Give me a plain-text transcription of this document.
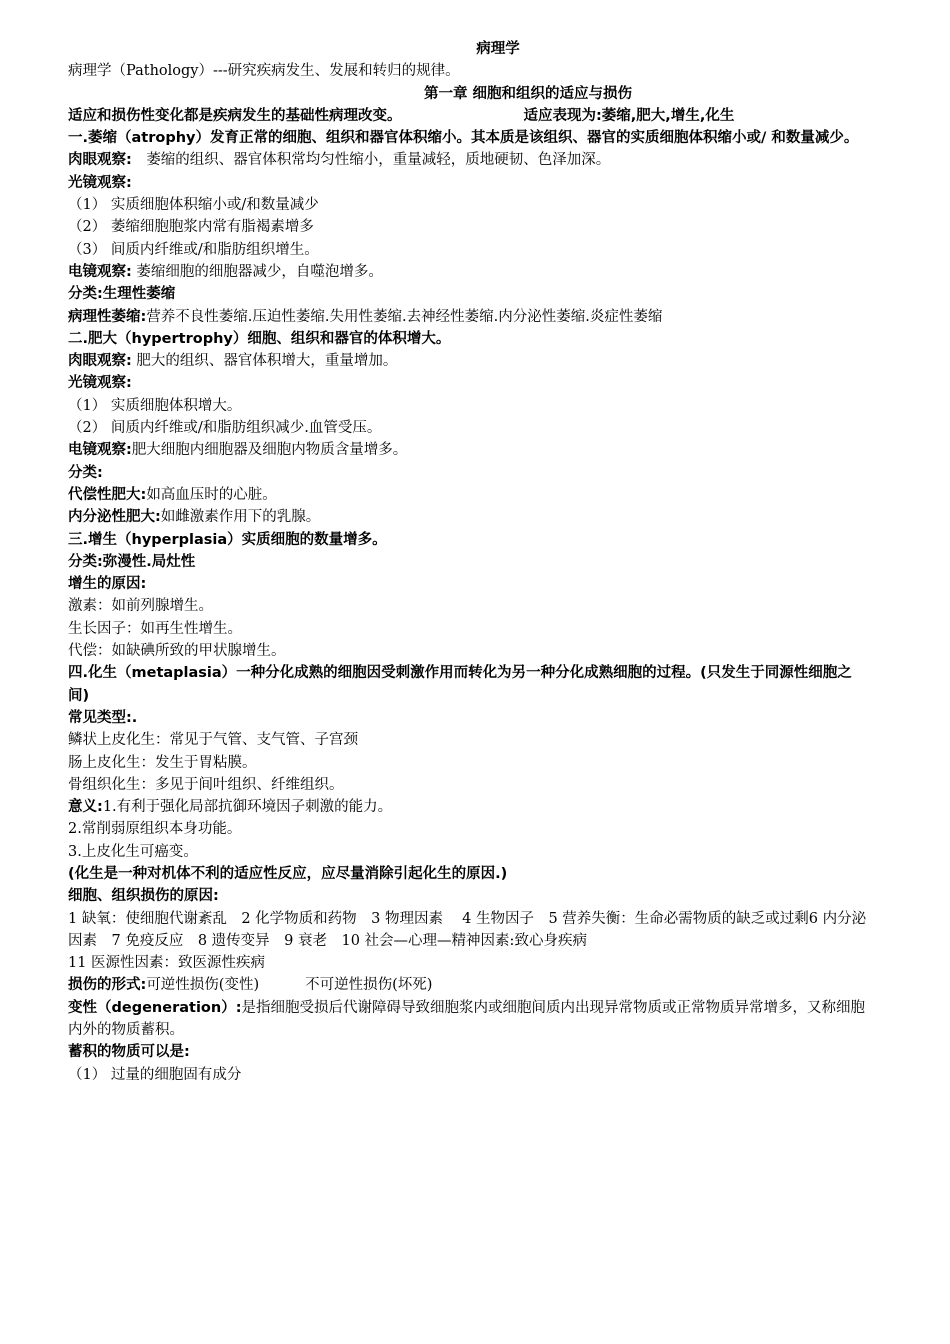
病理学
病理学（Pathology）---研究疾病发生、发展和转归的规律。
第一章 细胞和组织的适应与损伤
适应和损伤性变化都是疾病发生的基础性病理改变。	适应表现为:萎缩,肥大,增生,化生
一.萎缩（atrophy）发育正常的细胞、组织和器官体积缩小。其本质是该组织、器官的实质细胞体积缩小或/ 和数量减少。
肉眼观察:　 萎缩的组织、器官体积常均匀性缩小，重量减轻，质地硬韧、色泽加深。
光镜观察:
（1） 实质细胞体积缩小或/和数量减少
（2） 萎缩细胞胞浆内常有脂褐素增多
（3） 间质内纤维或/和脂肪组织增生。
电镜观察: 萎缩细胞的细胞器减少，自噬泡增多。
分类:生理性萎缩
病理性萎缩:营养不良性萎缩.压迫性萎缩.失用性萎缩.去神经性萎缩.内分泌性萎缩.炎症性萎缩
二.肥大（hypertrophy）细胞、组织和器官的体积增大。
肉眼观察: 肥大的组织、器官体积增大，重量增加。
光镜观察:
（1） 实质细胞体积增大。
（2） 间质内纤维或/和脂肪组织减少.血管受压。
电镜观察:肥大细胞内细胞器及细胞内物质含量增多。
分类:
代偿性肥大:如高血压时的心脏。
内分泌性肥大:如雌激素作用下的乳腺。
三.增生（hyperplasia）实质细胞的数量增多。
分类:弥漫性.局灶性
增生的原因:
激素：如前列腺增生。
生长因子：如再生性增生。
代偿：如缺碘所致的甲状腺增生。
四.化生（metaplasia）一种分化成熟的细胞因受刺激作用而转化为另一种分化成熟细胞的过程。(只发生于同源性细胞之间)
常见类型:.
鳞状上皮化生：常见于气管、支气管、子宫颈
肠上皮化生：发生于胃粘膜。
骨组织化生：多见于间叶组织、纤维组织。
意义:1.有利于强化局部抗御环境因子刺激的能力。
2.常削弱原组织本身功能。
3.上皮化生可癌变。
(化生是一种对机体不利的适应性反应，应尽量消除引起化生的原因.)
细胞、组织损伤的原因:
1 缺氧：使细胞代谢紊乱　2 化学物质和药物　3 物理因素　 4 生物因子　5 营养失衡：生命必需物质的缺乏或过剩6 内分泌因素　7 免疫反应　8 遗传变异　9 衰老　10 社会—心理—精神因素:致心身疾病
11 医源性因素：致医源性疾病
损伤的形式:可逆性损伤(变性)	不可逆性损伤(坏死)
变性（degeneration）:是指细胞受损后代谢障碍导致细胞浆内或细胞间质内出现异常物质或正常物质异常增多，又称细胞内外的物质蓄积。
蓄积的物质可以是:
（1） 过量的细胞固有成分
